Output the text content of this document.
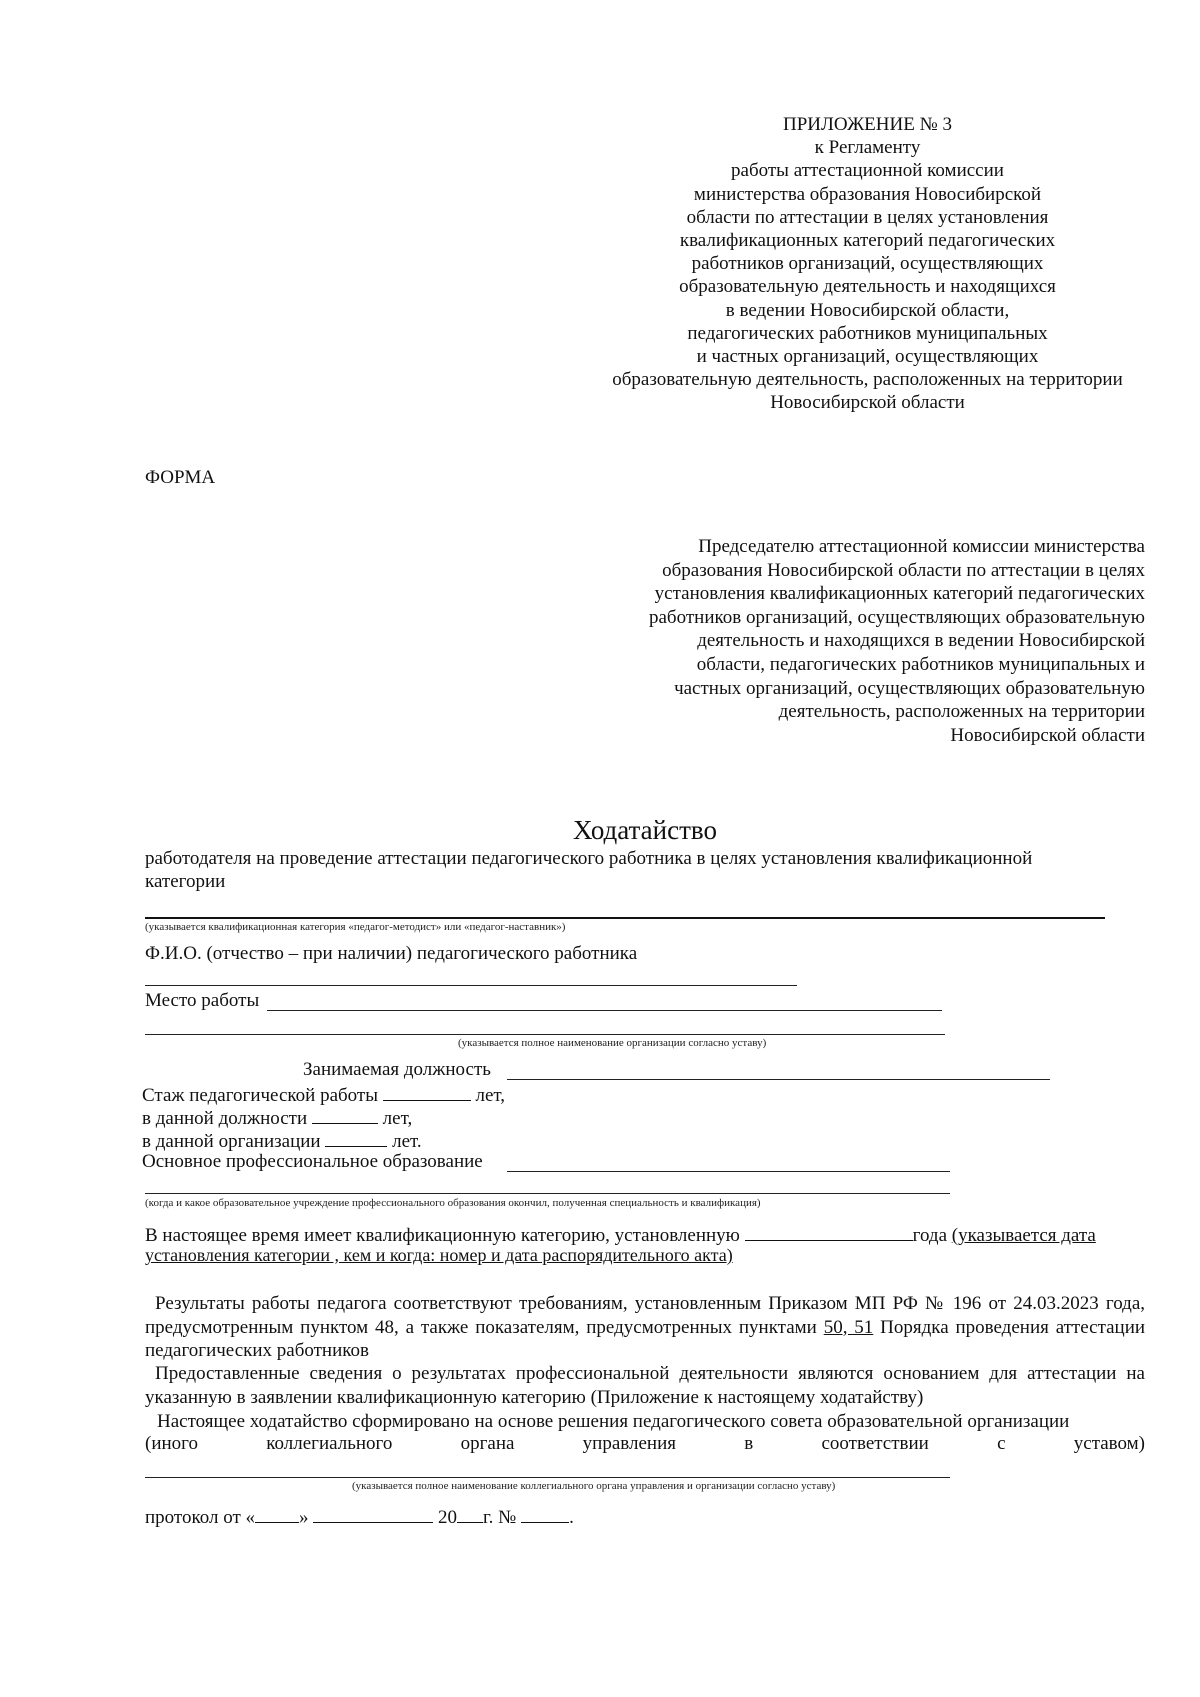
ПРИЛОЖЕНИЕ № 3
к Регламенту
работы аттестационной комиссии
министерства образования Новосибирской
области по аттестации в целях установления
квалификационных категорий педагогических
работников организаций, осуществляющих
образовательную деятельность и находящихся
в ведении Новосибирской области,
педагогических работников муниципальных
и частных организаций, осуществляющих
образовательную деятельность, расположенных на территории
Новосибирской области
ФОРМА
Председателю аттестационной комиссии министерства
образования Новосибирской области по аттестации в целях
установления квалификационных категорий педагогических
работников организаций, осуществляющих образовательную
деятельность и находящихся в ведении Новосибирской
области, педагогических работников муниципальных и
частных организаций, осуществляющих образовательную
деятельность, расположенных на территории
Новосибирской области
Ходатайство
работодателя на проведение аттестации педагогического работника в целях установления квалификационной категории
(указывается квалификационная категория «педагог-методист» или «педагог-наставник»)
Ф.И.О. (отчество – при наличии) педагогического работника
Место работы
(указывается полное наименование организации согласно уставу)
Занимаемая должность
Стаж педагогической работы	лет,
в данной должности	лет,
в данной организации	лет.
Основное профессиональное образование
(когда и какое образовательное учреждение профессионального образования окончил, полученная специальность и квалификация)
В настоящее время имеет квалификационную категорию, установленную	года (указывается дата
установления категории , кем и когда: номер и дата распорядительного акта)
Результаты работы педагога соответствуют требованиям, установленным Приказом МП РФ № 196 от 24.03.2023 года, предусмотренным пунктом 48, а также показателям, предусмотренных пунктами 50, 51 Порядка проведения аттестации педагогических работников
Предоставленные сведения о результатах профессиональной деятельности являются основанием для аттестации на указанную в заявлении квалификационную категорию (Приложение к настоящему ходатайству)
Настоящее ходатайство сформировано на основе решения педагогического совета образовательной организации
(иного	коллегиального	органа	управления	в	соответствии	с	уставом)
(указывается полное наименование коллегиального органа управления и организации согласно уставу)
протокол от « »	20 г. №	.
